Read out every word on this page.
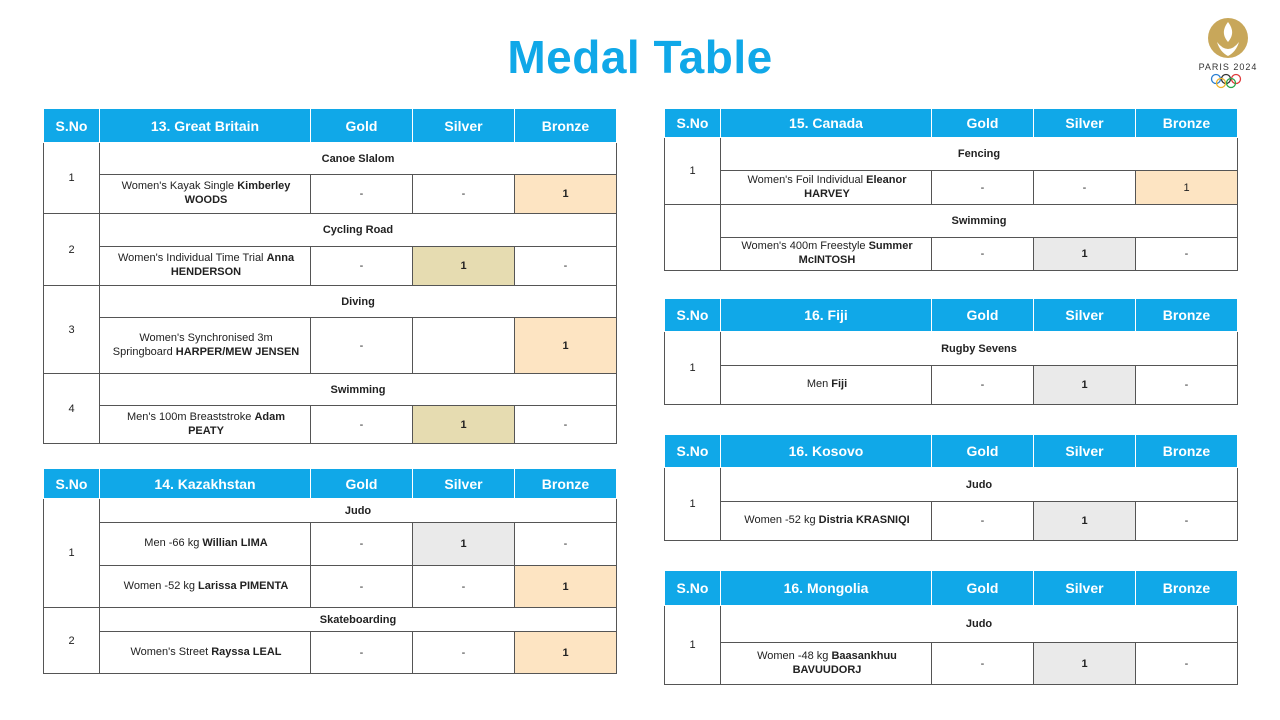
Medal Table	PARIS 2024
S.No	13. Great Britain	Gold	Silver	Bronze
1	Canoe Slalom			
	Women's Kayak Single Kimberley WOODS	-	-	1
2	Cycling Road			
	Women's Individual Time Trial Anna HENDERSON	-	1	-
3	Diving			
	Women's Synchronised 3m Springboard HARPER/MEW JENSEN	-		1
4	Swimming			
	Men's 100m Breaststroke Adam PEATY	-	1	-
S.No	14. Kazakhstan	Gold	Silver	Bronze
1	Judo			
	Men -66 kg Willian LIMA	-	1	-
	Women -52 kg Larissa PIMENTA	-	-	1
2	Skateboarding			
	Women's Street Rayssa LEAL	-	-	1
S.No	15. Canada	Gold	Silver	Bronze
1	Fencing			
	Women's Foil Individual Eleanor HARVEY	-	-	1
	Swimming			
	Women's 400m Freestyle Summer McINTOSH	-	1	-
S.No	16. Fiji	Gold	Silver	Bronze
1	Rugby Sevens			
	Men Fiji	-	1	-
S.No	16. Kosovo	Gold	Silver	Bronze
1	Judo			
	Women -52 kg Distria KRASNIQI	-	1	-
S.No	16. Mongolia	Gold	Silver	Bronze
1	Judo			
	Women -48 kg Baasankhuu BAVUUDORJ	-	1	-
